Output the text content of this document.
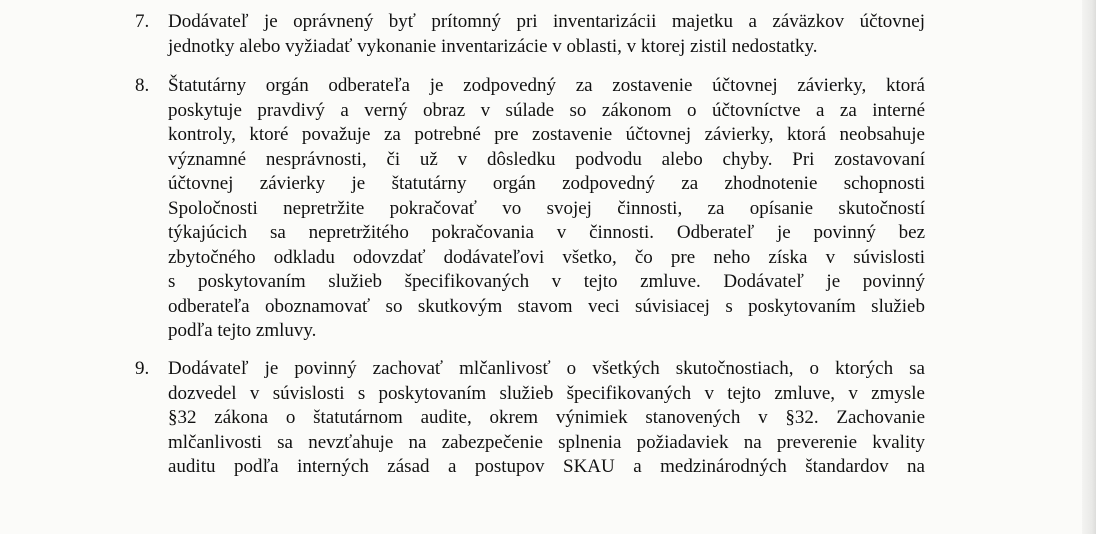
7. Dodávateľ je oprávnený byť prítomný pri inventarizácii majetku a záväzkov účtovnej
jednotky alebo vyžiadať vykonanie inventarizácie v oblasti, v ktorej zistil nedostatky.
8. Štatutárny orgán odberateľa je zodpovedný za zostavenie účtovnej závierky, ktorá
poskytuje pravdivý a verný obraz v súlade so zákonom o účtovníctve a za interné
kontroly, ktoré považuje za potrebné pre zostavenie účtovnej závierky, ktorá neobsahuje
významné nesprávnosti, či už v dôsledku podvodu alebo chyby. Pri zostavovaní
účtovnej závierky je štatutárny orgán zodpovedný za zhodnotenie schopnosti
Spoločnosti nepretržite pokračovať vo svojej činnosti, za opísanie skutočností
týkajúcich sa nepretržitého pokračovania v činnosti. Odberateľ je povinný bez
zbytočného odkladu odovzdať dodávateľovi všetko, čo pre neho získa v súvislosti
s poskytovaním služieb špecifikovaných v tejto zmluve. Dodávateľ je povinný
odberateľa oboznamovať so skutkovým stavom veci súvisiacej s poskytovaním služieb
podľa tejto zmluvy.
9. Dodávateľ je povinný zachovať mlčanlivosť o všetkých skutočnostiach, o ktorých sa
dozvedel v súvislosti s poskytovaním služieb špecifikovaných v tejto zmluve, v zmysle
§32 zákona o štatutárnom audite, okrem výnimiek stanovených v §32. Zachovanie
mlčanlivosti sa nevzťahuje na zabezpečenie splnenia požiadaviek na preverenie kvality
auditu podľa interných zásad a postupov SKAU a medzinárodných štandardov na
